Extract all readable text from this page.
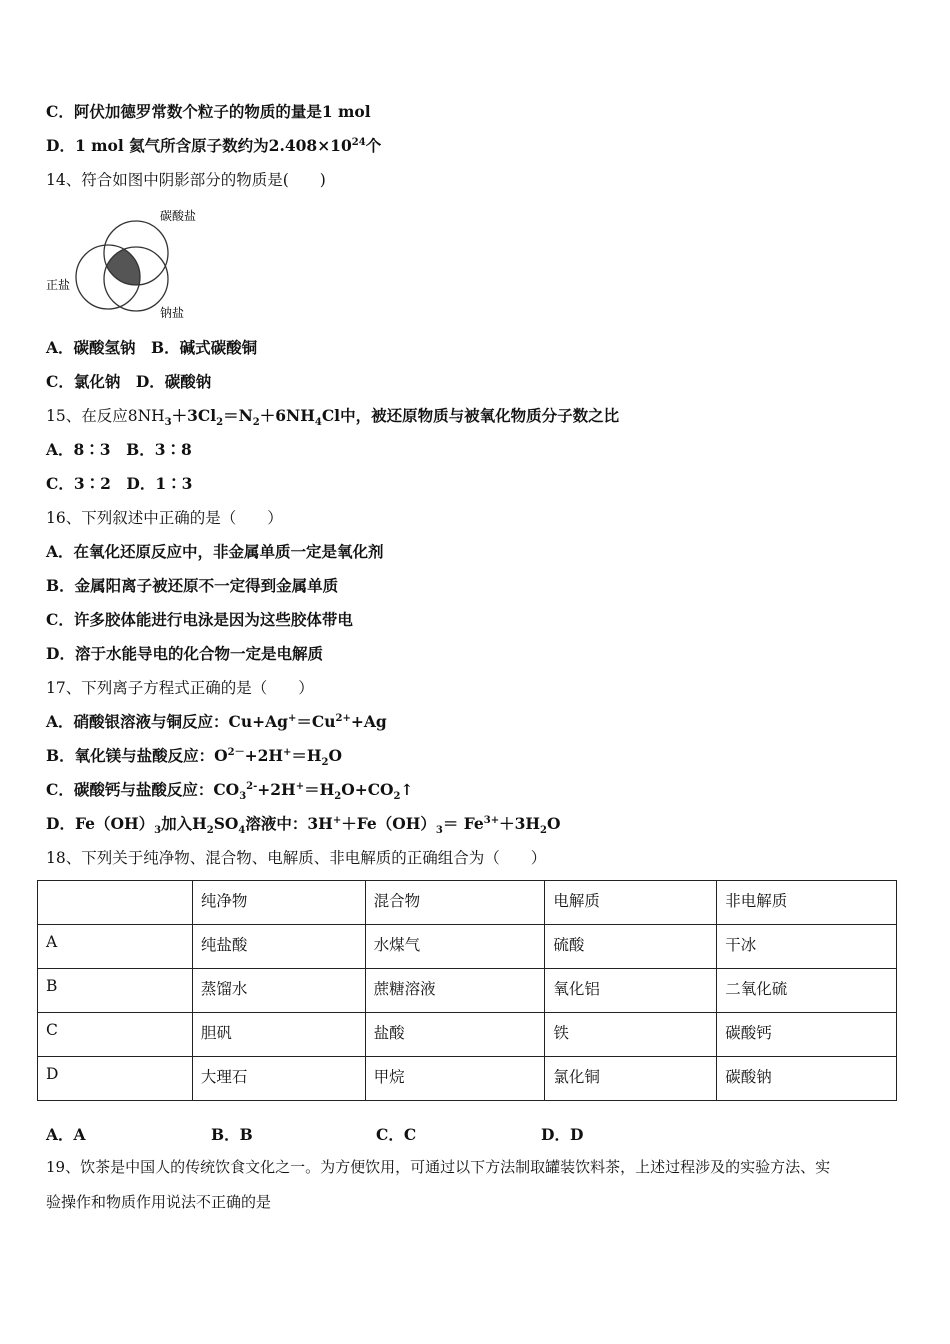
C．阿伏加德罗常数个粒子的物质的量是1 mol
D．1 mol 氦气所含原子数约为$2.408\times 10^{24}$个
14、符合如图中阴影部分的物质是(　　)
碳酸盐
正盐
钠盐
A．碳酸氢钠　B．碱式碳酸铜
C．氯化钠　D．碳酸钠
15、在反应$8NH_3+3Cl_2=N_2+6NH_4Cl$中，被还原物质与被氧化物质分子数之比
A．8∶3　B．3∶8
C．3∶2　D．1∶3
16、下列叙述中正确的是（　　）
A．在氧化还原反应中，非金属单质一定是氧化剂
B．金属阳离子被还原不一定得到金属单质
C．许多胶体能进行电泳是因为这些胶体带电
D．溶于水能导电的化合物一定是电解质
17、下列离子方程式正确的是（　　）
A．硝酸银溶液与铜反应：$Cu+Ag^+=Cu^{2+}+Ag$
B．氧化镁与盐酸反应：$O^{2-}+2H^+=H_2O$
C．碳酸钙与盐酸反应：$CO_3^{2-}+2H^+=H_2O+CO_2↑$
D．$Fe(OH)_3$加入$H_2SO_4$溶液中：$3H^++Fe(OH)_3= Fe^{3+}+3H_2O$
18、下列关于纯净物、混合物、电解质、非电解质的正确组合为（　　）
	纯净物	混合物	电解质	非电解质
A	纯盐酸	水煤气	硫酸	干冰
B	蒸馏水	蔗糖溶液	氧化铝	二氧化硫
C	胆矾	盐酸	铁	碳酸钙
D	大理石	甲烷	氯化铜	碳酸钠
A．A	B．B	C．C	D．D
19、饮茶是中国人的传统饮食文化之一。为方便饮用，可通过以下方法制取罐装饮料茶，上述过程涉及的实验方法、实
验操作和物质作用说法不正确的是
